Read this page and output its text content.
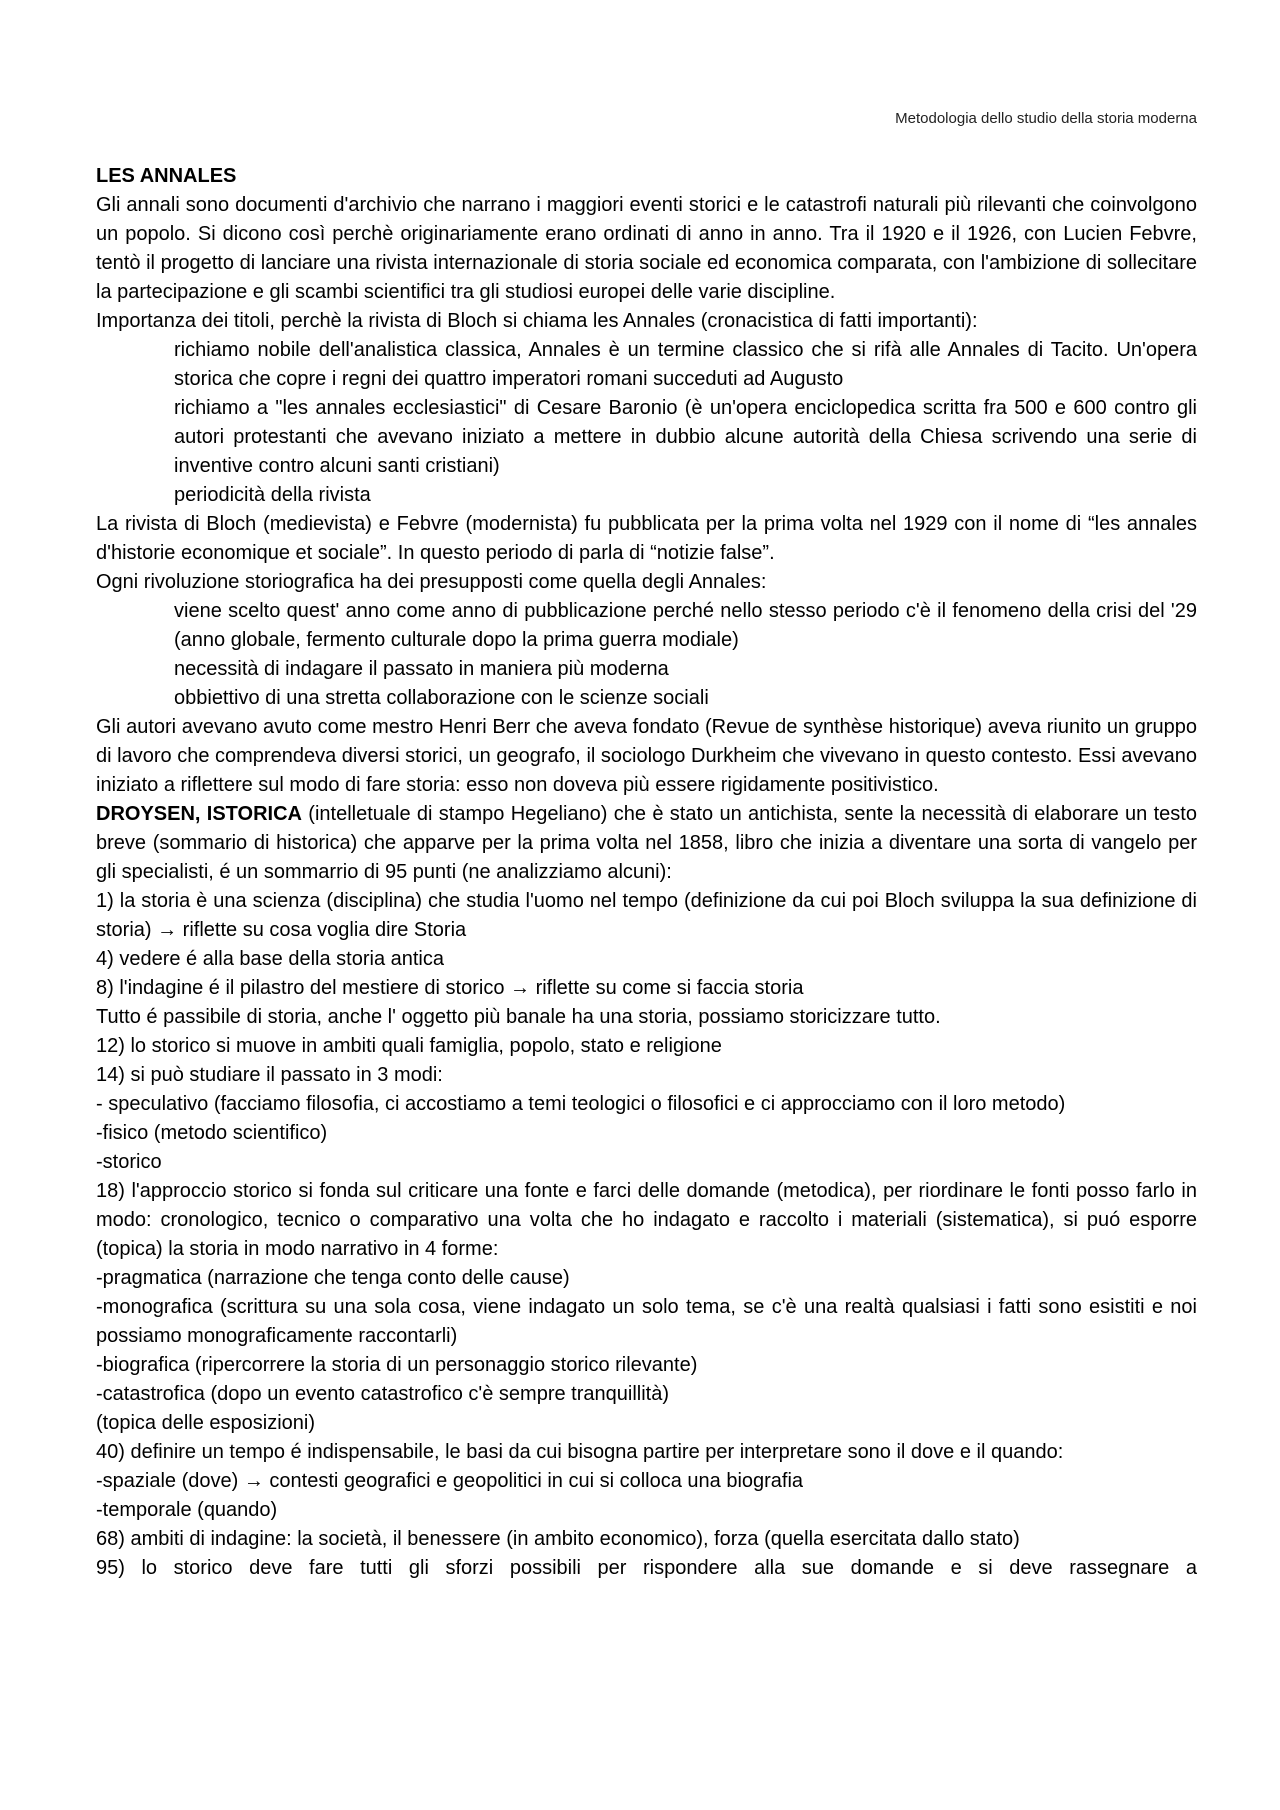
Metodologia dello studio della storia moderna

LES ANNALES

Gli annali sono documenti d'archivio che narrano i maggiori eventi storici e le catastrofi naturali più rilevanti che coinvolgono un popolo. Si dicono così perchè originariamente erano ordinati di anno in anno. Tra il 1920 e il 1926, con Lucien Febvre, tentò il progetto di lanciare una rivista internazionale di storia sociale ed economica comparata, con l'ambizione di sollecitare la partecipazione e gli scambi scientifici tra gli studiosi europei delle varie discipline.

Importanza dei titoli, perchè la rivista di Bloch si chiama les Annales (cronacistica di fatti importanti):

richiamo nobile dell'analistica classica, Annales è un termine classico che si rifà alle Annales di Tacito. Un'opera storica che copre i regni dei quattro imperatori romani succeduti ad Augusto

richiamo a "les annales ecclesiastici" di Cesare Baronio (è un'opera enciclopedica scritta fra 500 e 600 contro gli autori protestanti che avevano iniziato a mettere in dubbio alcune autorità della Chiesa scrivendo una serie di inventive contro alcuni santi cristiani)

periodicità della rivista

La rivista di Bloch (medievista) e Febvre (modernista) fu pubblicata per la prima volta nel 1929 con il nome di “les annales d'historie economique et sociale”. In questo periodo di parla di “notizie false”.

Ogni rivoluzione storiografica ha dei presupposti come quella degli Annales:

viene scelto quest' anno come anno di pubblicazione perché nello stesso periodo c'è il fenomeno della crisi del '29 (anno globale, fermento culturale dopo la prima guerra modiale)

necessità di indagare il passato in maniera più moderna

obbiettivo di una stretta collaborazione con le scienze sociali

Gli autori avevano avuto come mestro Henri Berr che aveva fondato (Revue de synthèse historique) aveva riunito un gruppo di lavoro che comprendeva diversi storici, un geografo, il sociologo Durkheim che vivevano in questo contesto. Essi avevano iniziato a riflettere sul modo di fare storia: esso non doveva più essere rigidamente positivistico.

DROYSEN, ISTORICA (intelletuale di stampo Hegeliano) che è stato un antichista, sente la necessità di elaborare un testo breve (sommario di historica) che apparve per la prima volta nel 1858, libro che inizia a diventare una sorta di vangelo per gli specialisti, é un sommarrio di 95 punti (ne analizziamo alcuni):

1) la storia è una scienza (disciplina) che studia l'uomo nel tempo (definizione da cui poi Bloch sviluppa la sua definizione di storia) → riflette su cosa voglia dire Storia

4) vedere é alla base della storia antica

8) l'indagine é il pilastro del mestiere di storico → riflette su come si faccia storia

Tutto é passibile di storia, anche l' oggetto più banale ha una storia, possiamo storicizzare tutto.

12) lo storico si muove in ambiti quali famiglia, popolo, stato e religione

14) si può studiare il passato in 3 modi:

- speculativo (facciamo filosofia, ci accostiamo a temi teologici o filosofici e ci approcciamo con il loro metodo)

-fisico (metodo scientifico)

-storico

18) l'approccio storico si fonda sul criticare una fonte e farci delle domande (metodica), per riordinare le fonti posso farlo in modo: cronologico, tecnico o comparativo una volta che ho indagato e raccolto i materiali (sistematica), si puó esporre (topica) la storia in modo narrativo in 4 forme:

-pragmatica (narrazione che tenga conto delle cause)

-monografica (scrittura su una sola cosa, viene indagato un solo tema, se c'è una realtà qualsiasi i fatti sono esistiti e noi possiamo monograficamente raccontarli)

-biografica (ripercorrere la storia di un personaggio storico rilevante)

-catastrofica (dopo un evento catastrofico c'è sempre tranquillità)

(topica delle esposizioni)

40) definire un tempo é indispensabile, le basi da cui bisogna partire per interpretare sono il dove e il quando:

-spaziale (dove) → contesti geografici e geopolitici in cui si colloca una biografia

-temporale (quando)

68) ambiti di indagine: la società, il benessere (in ambito economico), forza (quella esercitata dallo stato)

95) lo storico deve fare tutti gli sforzi possibili per rispondere alla sue domande e si deve rassegnare a
